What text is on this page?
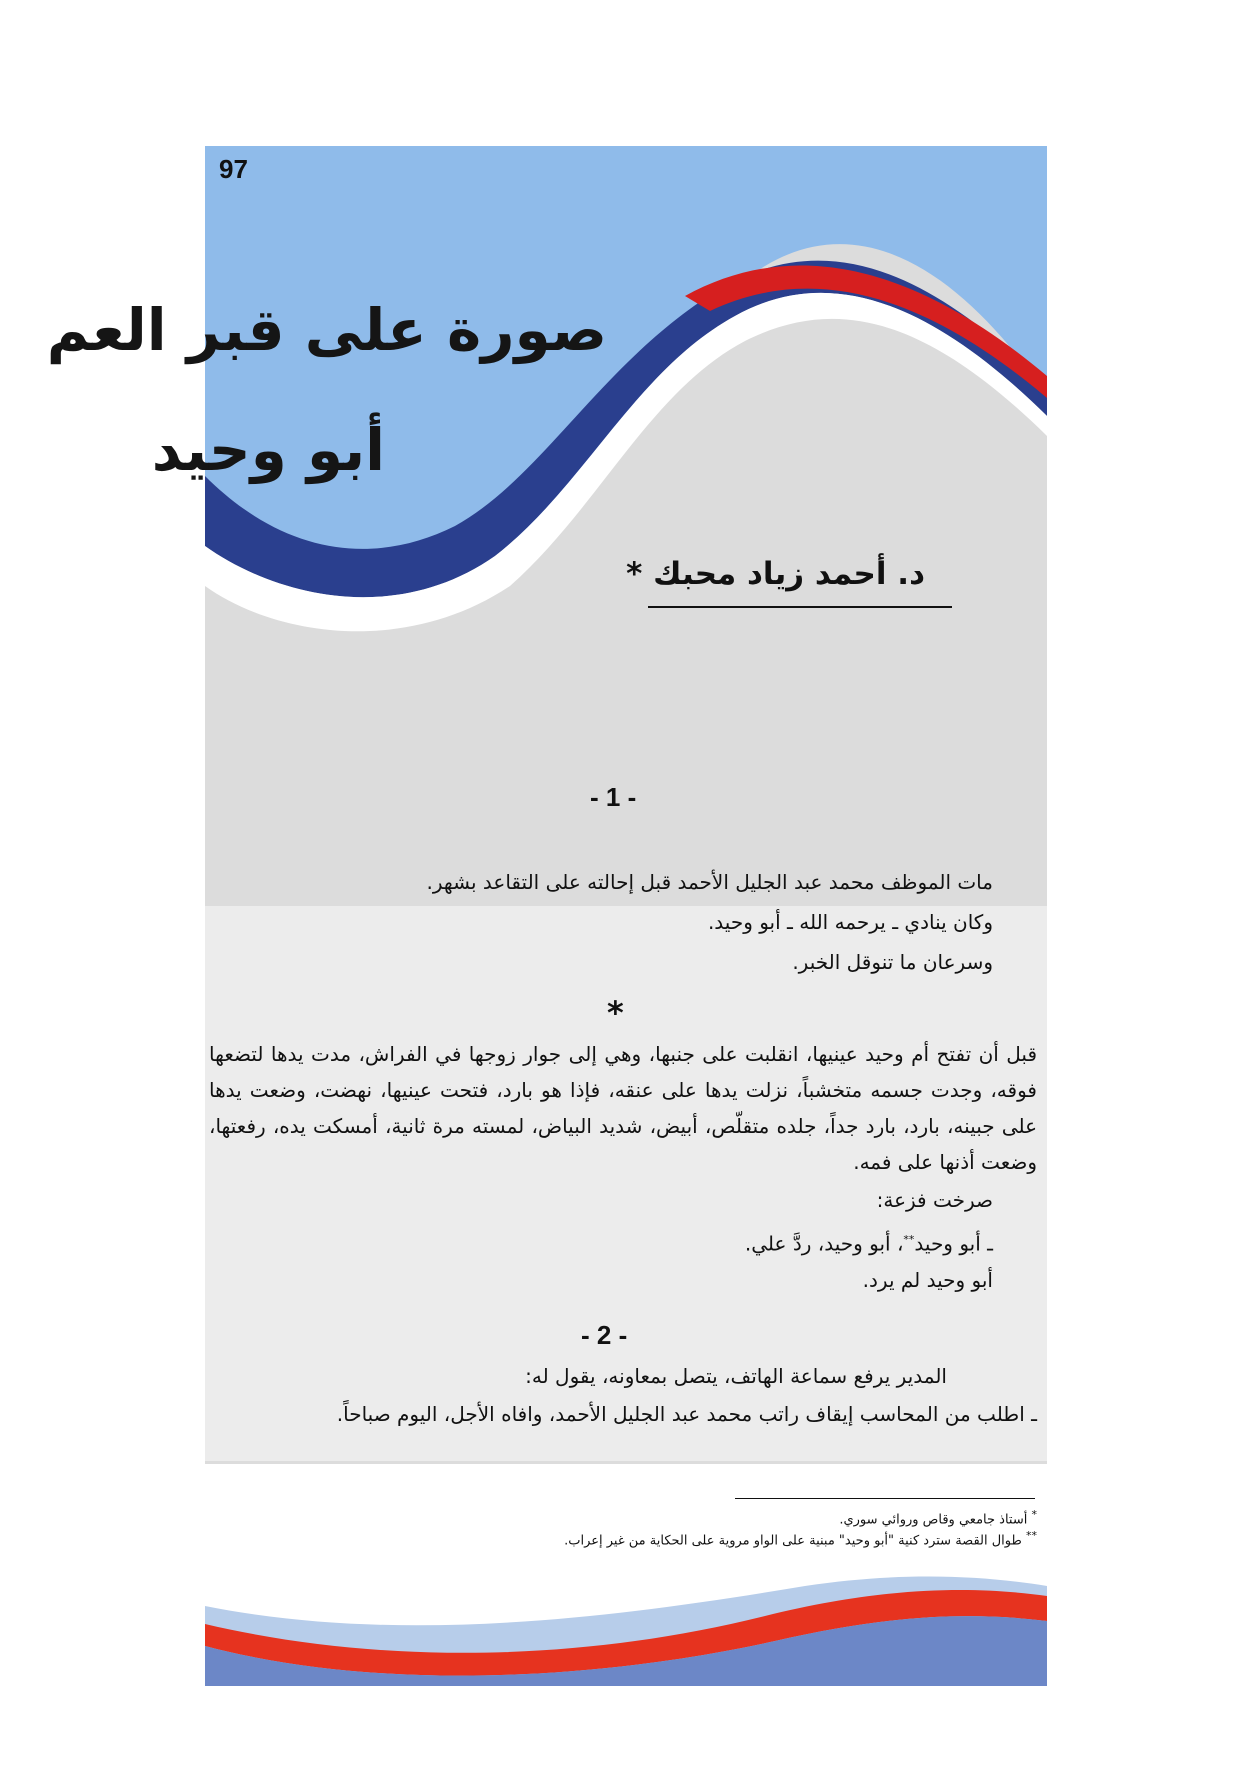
97
صورة على قبر العم
أبو وحيد
د. أحمد زياد محبك *
- 1 -
مات الموظف محمد عبد الجليل الأحمد قبل إحالته على التقاعد بشهر.
وكان ينادي ـ يرحمه الله ـ أبو وحيد.
وسرعان ما تنوقل الخبر.
*
قبل أن تفتح أم وحيد عينيها، انقلبت على جنبها، وهي إلى جوار زوجها في الفراش، مدت يدها لتضعها فوقه، وجدت جسمه متخشباً، نزلت يدها على عنقه، فإذا هو بارد، فتحت عينيها، نهضت، وضعت يدها على جبينه، بارد، بارد جداً، جلده متقلّص، أبيض، شديد البياض، لمسته مرة ثانية، أمسكت يده، رفعتها، وضعت أذنها على فمه.
صرخت فزعة:
ـ أبو وحيد**، أبو وحيد، ردَّ علي.
أبو وحيد لم يرد.
- 2 -
المدير يرفع سماعة الهاتف، يتصل بمعاونه، يقول له:
ـ اطلب من المحاسب إيقاف راتب محمد عبد الجليل الأحمد، وافاه الأجل، اليوم صباحاً.
* أستاذ جامعي وقاص وروائي سوري.
** طوال القصة سترد كنية "أبو وحيد" مبنية على الواو مروية على الحكاية من غير إعراب.
